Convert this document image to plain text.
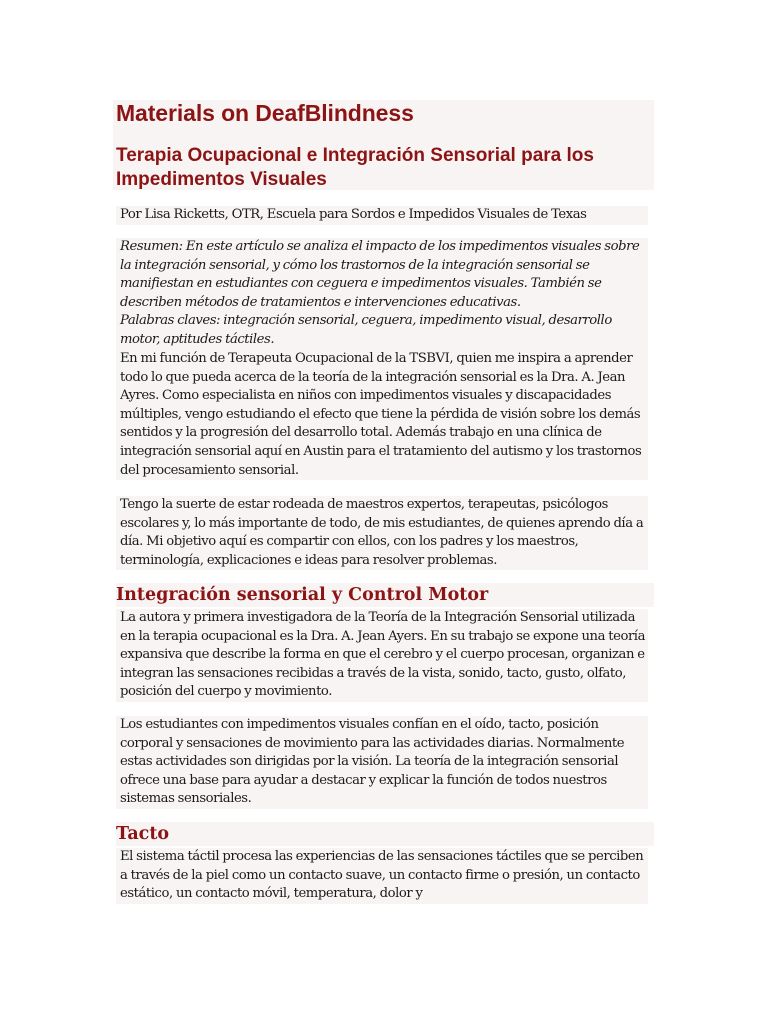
Materials on DeafBlindness
Terapia Ocupacional e Integración Sensorial para los Impedimentos Visuales

Por Lisa Ricketts, OTR, Escuela para Sordos e Impedidos Visuales de Texas

Resumen: En este artículo se analiza el impacto de los impedimentos visuales sobre la integración sensorial, y cómo los trastornos de la integración sensorial se manifiestan en estudiantes con ceguera e impedimentos visuales. También se describen métodos de tratamientos e intervenciones educativas.

Palabras claves: integración sensorial, ceguera, impedimento visual, desarrollo motor, aptitudes táctiles.

En mi función de Terapeuta Ocupacional de la TSBVI, quien me inspira a aprender todo lo que pueda acerca de la teoría de la integración sensorial es la Dra. A. Jean Ayres. Como especialista en niños con impedimentos visuales y discapacidades múltiples, vengo estudiando el efecto que tiene la pérdida de visión sobre los demás sentidos y la progresión del desarrollo total. Además trabajo en una clínica de integración sensorial aquí en Austin para el tratamiento del autismo y los trastornos del procesamiento sensorial.

Tengo la suerte de estar rodeada de maestros expertos, terapeutas, psicólogos escolares y, lo más importante de todo, de mis estudiantes, de quienes aprendo día a día. Mi objetivo aquí es compartir con ellos, con los padres y los maestros, terminología, explicaciones e ideas para resolver problemas.

Integración sensorial y Control Motor

La autora y primera investigadora de la Teoría de la Integración Sensorial utilizada en la terapia ocupacional es la Dra. A. Jean Ayers. En su trabajo se expone una teoría expansiva que describe la forma en que el cerebro y el cuerpo procesan, organizan e integran las sensaciones recibidas a través de la vista, sonido, tacto, gusto, olfato, posición del cuerpo y movimiento.

Los estudiantes con impedimentos visuales confían en el oído, tacto, posición corporal y sensaciones de movimiento para las actividades diarias. Normalmente estas actividades son dirigidas por la visión. La teoría de la integración sensorial ofrece una base para ayudar a destacar y explicar la función de todos nuestros sistemas sensoriales.

Tacto

El sistema táctil procesa las experiencias de las sensaciones táctiles que se perciben a través de la piel como un contacto suave, un contacto firme o presión, un contacto estático, un contacto móvil, temperatura, dolor y
